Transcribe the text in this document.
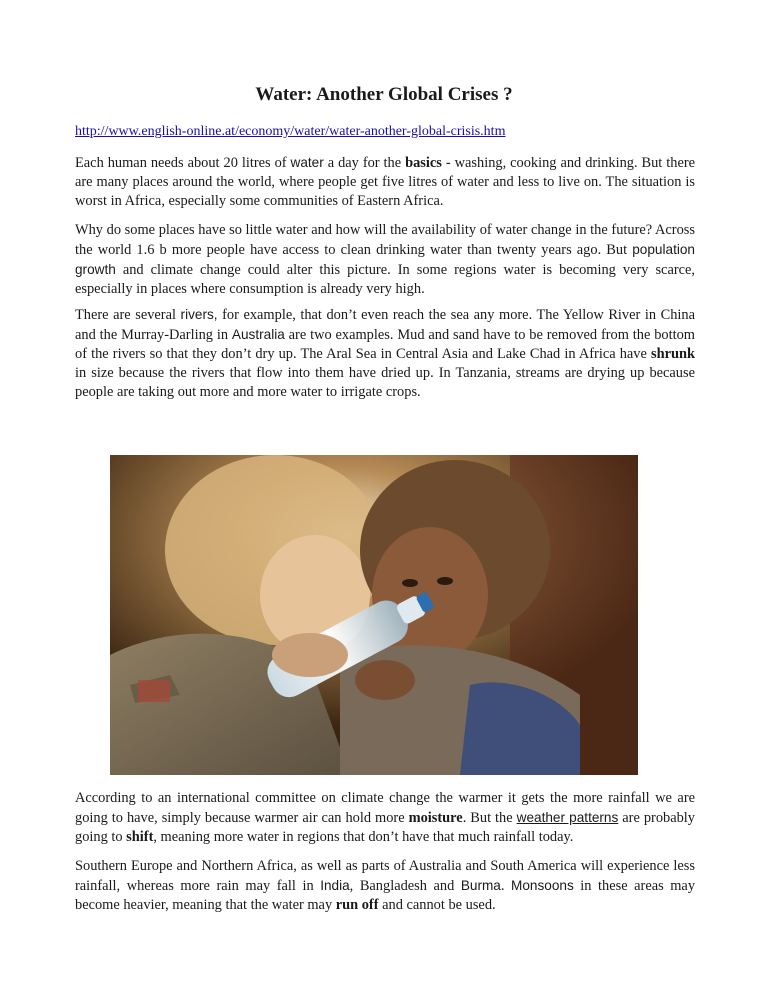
Water: Another Global Crises ?
http://www.english-online.at/economy/water/water-another-global-crisis.htm

Each human needs about 20 litres of water a day for the basics - washing, cooking and drinking. But there are many places around the world, where people get five litres of water and less to live on. The situation is worst in Africa, especially some communities of Eastern Africa.

Why do some places have so little water and how will the availability of water change in the future? Across the world 1.6 b more people have access to clean drinking water than twenty years ago. But population growth and climate change could alter this picture. In some regions water is becoming very scarce, especially in places where consumption is already very high.

There are several rivers, for example, that don’t even reach the sea any more. The Yellow River in China and the Murray-Darling in Australia are two examples. Mud and sand have to be removed from the bottom of the rivers so that they don’t dry up. The Aral Sea in Central Asia and Lake Chad in Africa have shrunk in size because the rivers that flow into them have dried up. In Tanzania, streams are drying up because people are taking out more and more water to irrigate crops.

According to an international committee on climate change the warmer it gets the more rainfall we are going to have, simply because warmer air can hold more moisture. But the weather patterns are probably going to shift, meaning more water in regions that don’t have that much rainfall today.

Southern Europe and Northern Africa, as well as parts of Australia and South America will experience less rainfall, whereas more rain may fall in India, Bangladesh and Burma. Monsoons in these areas may become heavier, meaning that the water may run off and cannot be used.
